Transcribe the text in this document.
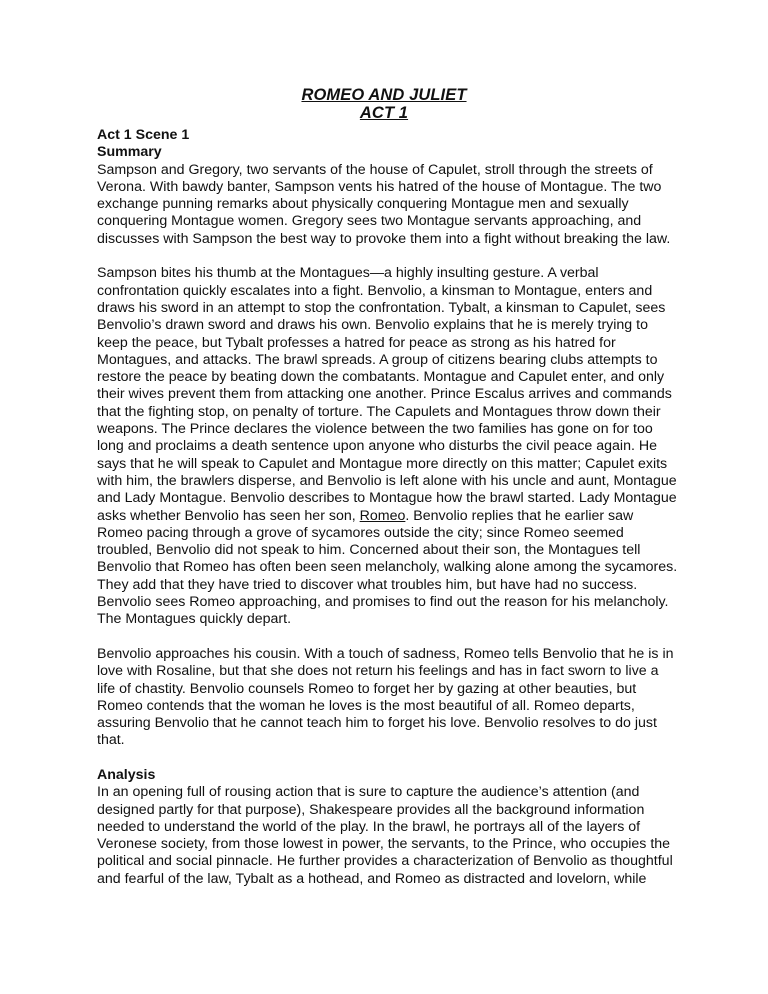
ROMEO AND JULIET
ACT 1
Act 1 Scene 1
Summary

Sampson and Gregory, two servants of the house of Capulet, stroll through the streets of Verona. With bawdy banter, Sampson vents his hatred of the house of Montague. The two exchange punning remarks about physically conquering Montague men and sexually conquering Montague women. Gregory sees two Montague servants approaching, and discusses with Sampson the best way to provoke them into a fight without breaking the law.

Sampson bites his thumb at the Montagues—a highly insulting gesture. A verbal confrontation quickly escalates into a fight. Benvolio, a kinsman to Montague, enters and draws his sword in an attempt to stop the confrontation. Tybalt, a kinsman to Capulet, sees Benvolio’s drawn sword and draws his own. Benvolio explains that he is merely trying to keep the peace, but Tybalt professes a hatred for peace as strong as his hatred for Montagues, and attacks. The brawl spreads. A group of citizens bearing clubs attempts to restore the peace by beating down the combatants. Montague and Capulet enter, and only their wives prevent them from attacking one another. Prince Escalus arrives and commands that the fighting stop, on penalty of torture. The Capulets and Montagues throw down their weapons. The Prince declares the violence between the two families has gone on for too long and proclaims a death sentence upon anyone who disturbs the civil peace again. He says that he will speak to Capulet and Montague more directly on this matter; Capulet exits with him, the brawlers disperse, and Benvolio is left alone with his uncle and aunt, Montague and Lady Montague. Benvolio describes to Montague how the brawl started. Lady Montague asks whether Benvolio has seen her son, Romeo. Benvolio replies that he earlier saw Romeo pacing through a grove of sycamores outside the city; since Romeo seemed troubled, Benvolio did not speak to him. Concerned about their son, the Montagues tell Benvolio that Romeo has often been seen melancholy, walking alone among the sycamores. They add that they have tried to discover what troubles him, but have had no success. Benvolio sees Romeo approaching, and promises to find out the reason for his melancholy. The Montagues quickly depart.

Benvolio approaches his cousin. With a touch of sadness, Romeo tells Benvolio that he is in love with Rosaline, but that she does not return his feelings and has in fact sworn to live a life of chastity. Benvolio counsels Romeo to forget her by gazing at other beauties, but Romeo contends that the woman he loves is the most beautiful of all. Romeo departs, assuring Benvolio that he cannot teach him to forget his love. Benvolio resolves to do just that.

Analysis

In an opening full of rousing action that is sure to capture the audience’s attention (and designed partly for that purpose), Shakespeare provides all the background information needed to understand the world of the play. In the brawl, he portrays all of the layers of Veronese society, from those lowest in power, the servants, to the Prince, who occupies the political and social pinnacle. He further provides a characterization of Benvolio as thoughtful and fearful of the law, Tybalt as a hothead, and Romeo as distracted and lovelorn, while
